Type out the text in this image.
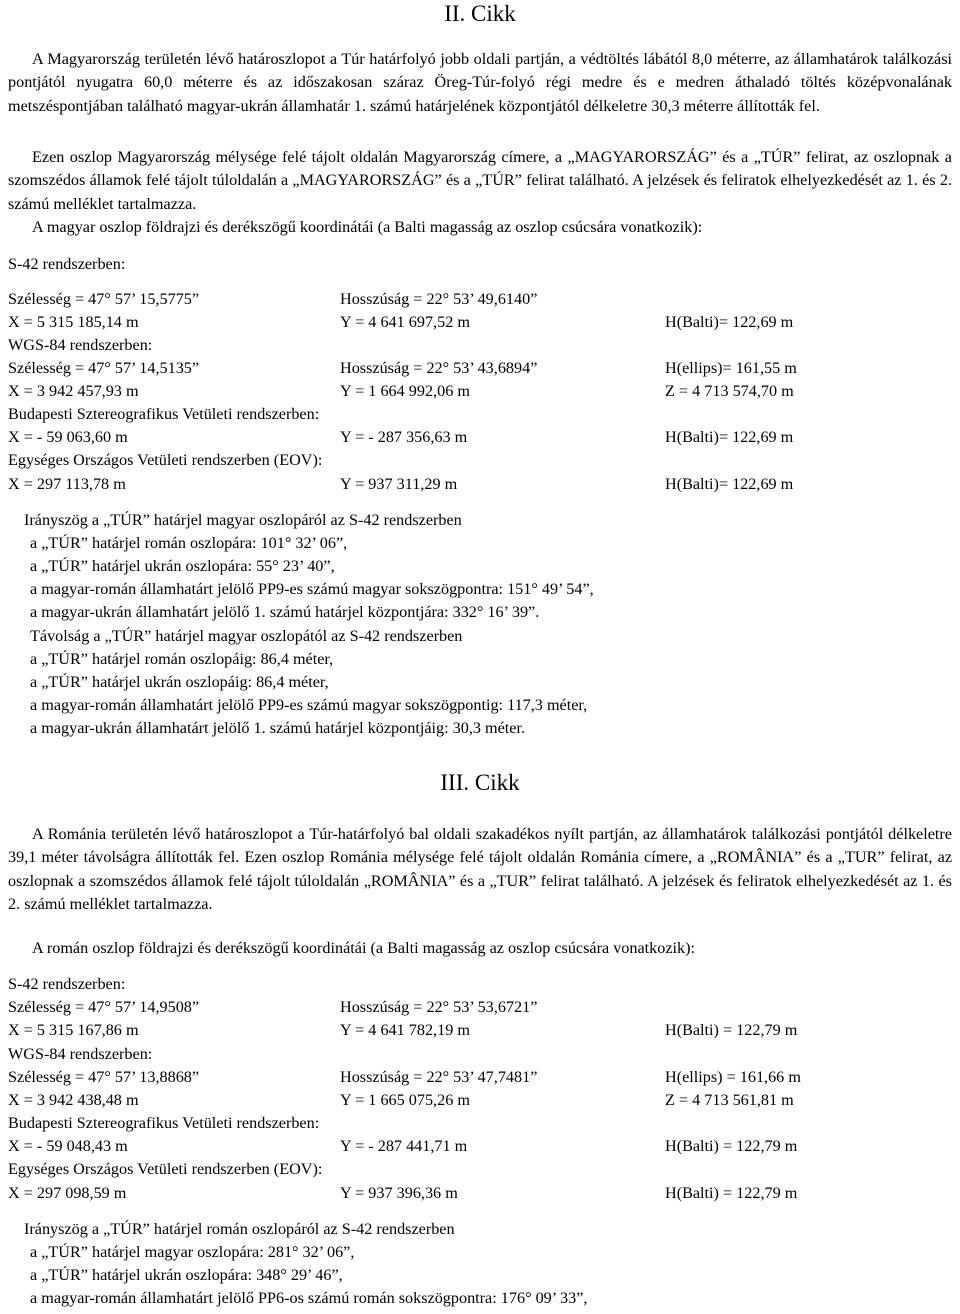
II. Cikk
A Magyarország területén lévő határoszlopot a Túr határfolyó jobb oldali partján, a védtöltés lábától 8,0 méterre, az államhatárok találkozási pontjától nyugatra 60,0 méterre és az időszakosan száraz Öreg-Túr-folyó régi medre és e medren áthaladó töltés középvonalának metszéspontjában található magyar-ukrán államhatár 1. számú határjelének központjától délkeletre 30,3 méterre állították fel.
Ezen oszlop Magyarország mélysége felé tájolt oldalán Magyarország címere, a „MAGYARORSZÁG” és a „TÚR” felirat, az oszlopnak a szomszédos államok felé tájolt túloldalán a „MAGYARORSZÁG” és a „TÚR” felirat található. A jelzések és feliratok elhelyezkedését az 1. és 2. számú melléklet tartalmazza.
A magyar oszlop földrajzi és derékszögű koordinátái (a Balti magasság az oszlop csúcsára vonatkozik):
S-42 rendszerben:
Szélesség = 47° 57’ 15,5775”	Hosszúság = 22° 53’ 49,6140”
X = 5 315 185,14 m	Y = 4 641 697,52 m	H(Balti)= 122,69 m
WGS-84 rendszerben:
Szélesség = 47° 57’ 14,5135”	Hosszúság = 22° 53’ 43,6894”	H(ellips)= 161,55 m
X = 3 942 457,93 m	Y = 1 664 992,06 m	Z = 4 713 574,70 m
Budapesti Sztereografikus Vetületi rendszerben:
X = - 59 063,60 m	Y = - 287 356,63 m	H(Balti)= 122,69 m
Egységes Országos Vetületi rendszerben (EOV):
X = 297 113,78 m	Y = 937 311,29 m	H(Balti)= 122,69 m
Irányszög a „TÚR” határjel magyar oszlopáról az S-42 rendszerben
a „TÚR” határjel román oszlopára: 101° 32’ 06”,
a „TÚR” határjel ukrán oszlopára: 55° 23’ 40”,
a magyar-román államhatárt jelölő PP9-es számú magyar sokszögpontra: 151° 49’ 54”,
a magyar-ukrán államhatárt jelölő 1. számú határjel központjára: 332° 16’ 39”.
Távolság a „TÚR” határjel magyar oszlopától az S-42 rendszerben
a „TÚR” határjel román oszlopáig: 86,4 méter,
a „TÚR” határjel ukrán oszlopáig: 86,4 méter,
a magyar-román államhatárt jelölő PP9-es számú magyar sokszögpontig: 117,3 méter,
a magyar-ukrán államhatárt jelölő 1. számú határjel központjáig: 30,3 méter.
III. Cikk
A Románia területén lévő határoszlopot a Túr-határfolyó bal oldali szakadékos nyílt partján, az államhatárok találkozási pontjától délkeletre 39,1 méter távolságra állították fel. Ezen oszlop Románia mélysége felé tájolt oldalán Románia címere, a „ROMÂNIA” és a „TUR” felirat, az oszlopnak a szomszédos államok felé tájolt túloldalán „ROMÂNIA” és a „TUR” felirat található. A jelzések és feliratok elhelyezkedését az 1. és 2. számú melléklet tartalmazza.
A román oszlop földrajzi és derékszögű koordinátái (a Balti magasság az oszlop csúcsára vonatkozik):
S-42 rendszerben:
Szélesség = 47° 57’ 14,9508”	Hosszúság = 22° 53’ 53,6721”
X = 5 315 167,86 m	Y = 4 641 782,19 m	H(Balti) = 122,79 m
WGS-84 rendszerben:
Szélesség = 47° 57’ 13,8868”	Hosszúság = 22° 53’ 47,7481”	H(ellips) = 161,66 m
X = 3 942 438,48 m	Y = 1 665 075,26 m	Z = 4 713 561,81 m
Budapesti Sztereografikus Vetületi rendszerben:
X = - 59 048,43 m	Y = - 287 441,71 m	H(Balti) = 122,79 m
Egységes Országos Vetületi rendszerben (EOV):
X = 297 098,59 m	Y = 937 396,36 m	H(Balti) = 122,79 m
Irányszög a „TÚR” határjel román oszlopáról az S-42 rendszerben
a „TÚR” határjel magyar oszlopára: 281° 32’ 06”,
a „TÚR” határjel ukrán oszlopára: 348° 29’ 46”,
a magyar-román államhatárt jelölő PP6-os számú román sokszögpontra: 176° 09’ 33”,
